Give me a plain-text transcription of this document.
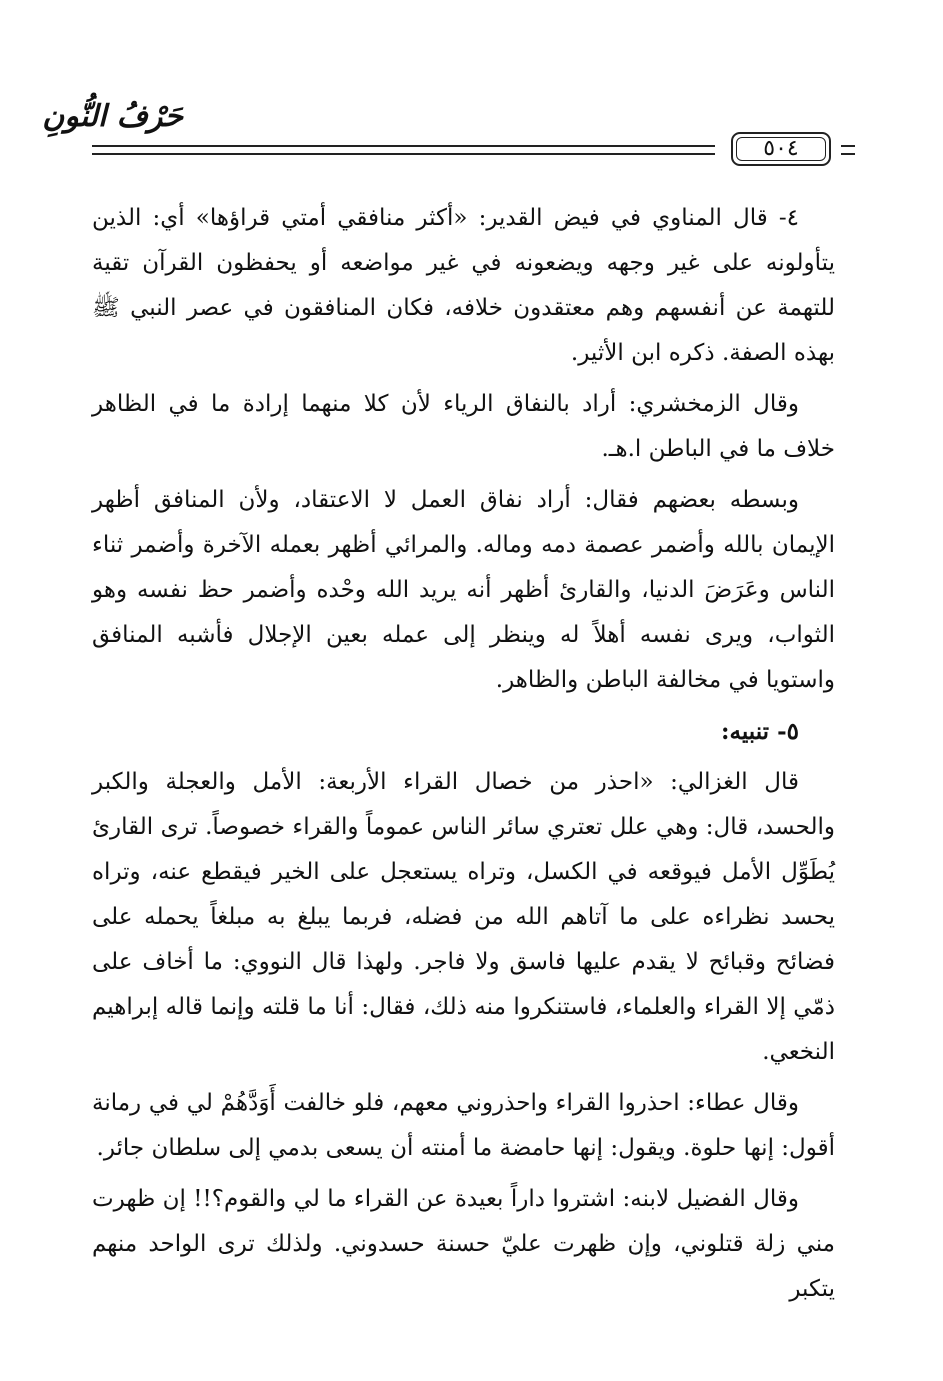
حَرْفُ النُّونِ
٥٠٤

٤- قال المناوي في فيض القدير: «أكثر منافقي أمتي قراؤها» أي: الذين يتأولونه على غير وجهه ويضعونه في غير مواضعه أو يحفظون القرآن تقية للتهمة عن أنفسهم وهم معتقدون خلافه، فكان المنافقون في عصر النبي ﷺ بهذه الصفة. ذكره ابن الأثير.

وقال الزمخشري: أراد بالنفاق الرياء لأن كلا منهما إرادة ما في الظاهر خلاف ما في الباطن ا.هـ.

وبسطه بعضهم فقال: أراد نفاق العمل لا الاعتقاد، ولأن المنافق أظهر الإيمان بالله وأضمر عصمة دمه وماله. والمرائي أظهر بعمله الآخرة وأضمر ثناء الناس وعَرَضَ الدنيا، والقارئ أظهر أنه يريد الله وحْده وأضمر حظ نفسه وهو الثواب، ويرى نفسه أهلاً له وينظر إلى عمله بعين الإجلال فأشبه المنافق واستويا في مخالفة الباطن والظاهر.

٥- تنبيه:

قال الغزالي: «احذر من خصال القراء الأربعة: الأمل والعجلة والكبر والحسد، قال: وهي علل تعتري سائر الناس عموماً والقراء خصوصاً. ترى القارئ يُطَوِّل الأمل فيوقعه في الكسل، وتراه يستعجل على الخير فيقطع عنه، وتراه يحسد نظراءه على ما آتاهم الله من فضله، فربما يبلغ به مبلغاً يحمله على فضائح وقبائح لا يقدم عليها فاسق ولا فاجر. ولهذا قال النووي: ما أخاف على ذمّي إلا القراء والعلماء، فاستنكروا منه ذلك، فقال: أنا ما قلته وإنما قاله إبراهيم النخعي.

وقال عطاء: احذروا القراء واحذروني معهم، فلو خالفت أَوَدَّهُمْ لي في رمانة أقول: إنها حلوة. ويقول: إنها حامضة ما أمنته أن يسعى بدمي إلى سلطان جائر.

وقال الفضيل لابنه: اشتروا داراً بعيدة عن القراء ما لي والقوم؟!! إن ظهرت مني زلة قتلوني، وإن ظهرت عليّ حسنة حسدوني. ولذلك ترى الواحد منهم يتكبر
